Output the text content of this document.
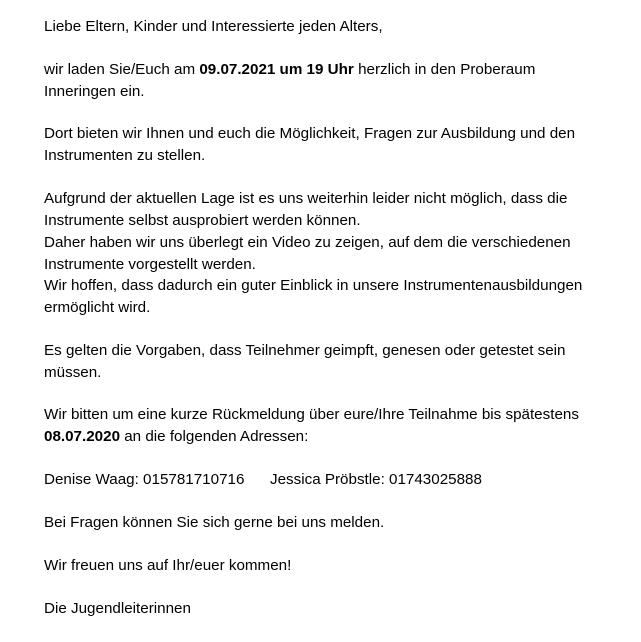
Liebe Eltern, Kinder und Interessierte jeden Alters,
wir laden Sie/Euch am 09.07.2021 um 19 Uhr herzlich in den Proberaum
Inneringen ein.
Dort bieten wir Ihnen und euch die Möglichkeit, Fragen zur Ausbildung und den
Instrumenten zu stellen.
Aufgrund der aktuellen Lage ist es uns weiterhin leider nicht möglich, dass die
Instrumente selbst ausprobiert werden können.
Daher haben wir uns überlegt ein Video zu zeigen, auf dem die verschiedenen
Instrumente vorgestellt werden.
Wir hoffen, dass dadurch ein guter Einblick in unsere Instrumentenausbildungen
ermöglicht wird.
Es gelten die Vorgaben, dass Teilnehmer geimpft, genesen oder getestet sein
müssen.
Wir bitten um eine kurze Rückmeldung über eure/Ihre Teilnahme bis spätestens
08.07.2020 an die folgenden Adressen:
Denise Waag: 015781710716 Jessica Pröbstle: 01743025888
Bei Fragen können Sie sich gerne bei uns melden.
Wir freuen uns auf Ihr/euer kommen!
Die Jugendleiterinnen
